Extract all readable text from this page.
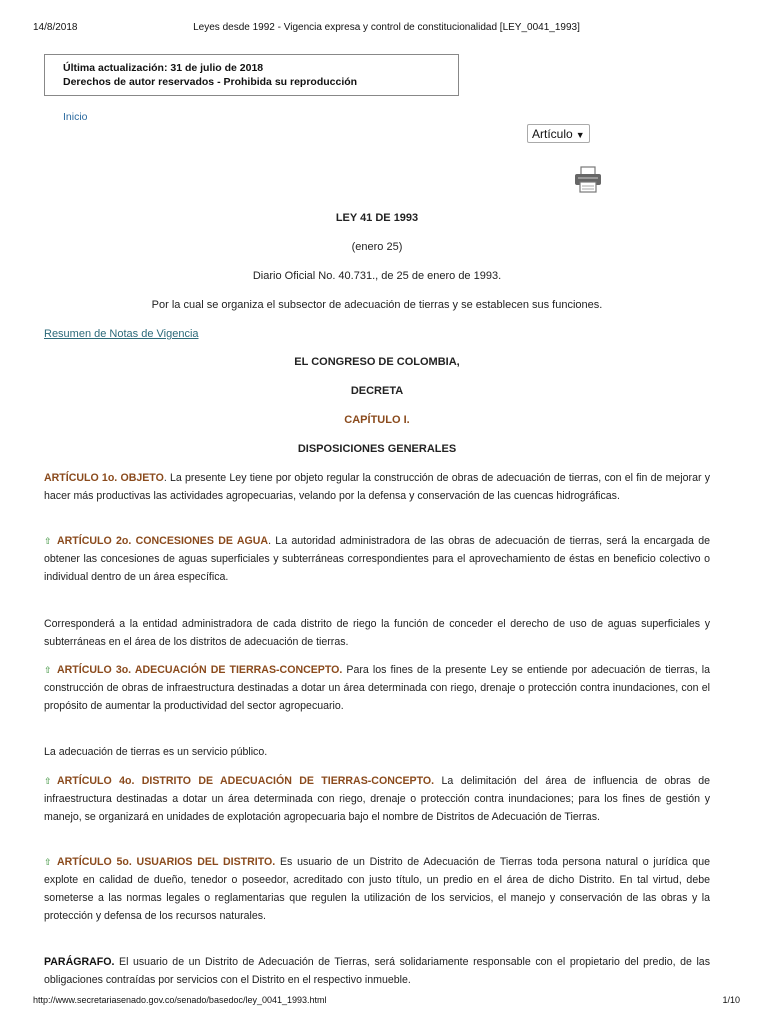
14/8/2018	Leyes desde 1992 - Vigencia expresa y control de constitucionalidad [LEY_0041_1993]
Última actualización: 31 de julio de 2018
Derechos de autor reservados - Prohibida su reproducción
Inicio
Artículo ▼
LEY 41 DE 1993
(enero 25)
Diario Oficial No. 40.731., de 25 de enero de 1993.
Por la cual se organiza el subsector de adecuación de tierras y se establecen sus funciones.
Resumen de Notas de Vigencia
EL CONGRESO DE COLOMBIA,
DECRETA
CAPÍTULO I.
DISPOSICIONES GENERALES
ARTÍCULO 1o. OBJETO. La presente Ley tiene por objeto regular la construcción de obras de adecuación de tierras, con el fin de mejorar y hacer más productivas las actividades agropecuarias, velando por la defensa y conservación de las cuencas hidrográficas.
⇧ ARTÍCULO 2o. CONCESIONES DE AGUA. La autoridad administradora de las obras de adecuación de tierras, será la encargada de obtener las concesiones de aguas superficiales y subterráneas correspondientes para el aprovechamiento de éstas en beneficio colectivo o individual dentro de un área específica.
Corresponderá a la entidad administradora de cada distrito de riego la función de conceder el derecho de uso de aguas superficiales y subterráneas en el área de los distritos de adecuación de tierras.
⇧ ARTÍCULO 3o. ADECUACIÓN DE TIERRAS-CONCEPTO. Para los fines de la presente Ley se entiende por adecuación de tierras, la construcción de obras de infraestructura destinadas a dotar un área determinada con riego, drenaje o protección contra inundaciones, con el propósito de aumentar la productividad del sector agropecuario.
La adecuación de tierras es un servicio público.
⇧ ARTÍCULO 4o. DISTRITO DE ADECUACIÓN DE TIERRAS-CONCEPTO. La delimitación del área de influencia de obras de infraestructura destinadas a dotar un área determinada con riego, drenaje o protección contra inundaciones; para los fines de gestión y manejo, se organizará en unidades de explotación agropecuaria bajo el nombre de Distritos de Adecuación de Tierras.
⇧ ARTÍCULO 5o. USUARIOS DEL DISTRITO. Es usuario de un Distrito de Adecuación de Tierras toda persona natural o jurídica que explote en calidad de dueño, tenedor o poseedor, acreditado con justo título, un predio en el área de dicho Distrito. En tal virtud, debe someterse a las normas legales o reglamentarias que regulen la utilización de los servicios, el manejo y conservación de las obras y la protección y defensa de los recursos naturales.
PARÁGRAFO. El usuario de un Distrito de Adecuación de Tierras, será solidariamente responsable con el propietario del predio, de las obligaciones contraídas por servicios con el Distrito en el respectivo inmueble.
http://www.secretariasenado.gov.co/senado/basedoc/ley_0041_1993.html	1/10
